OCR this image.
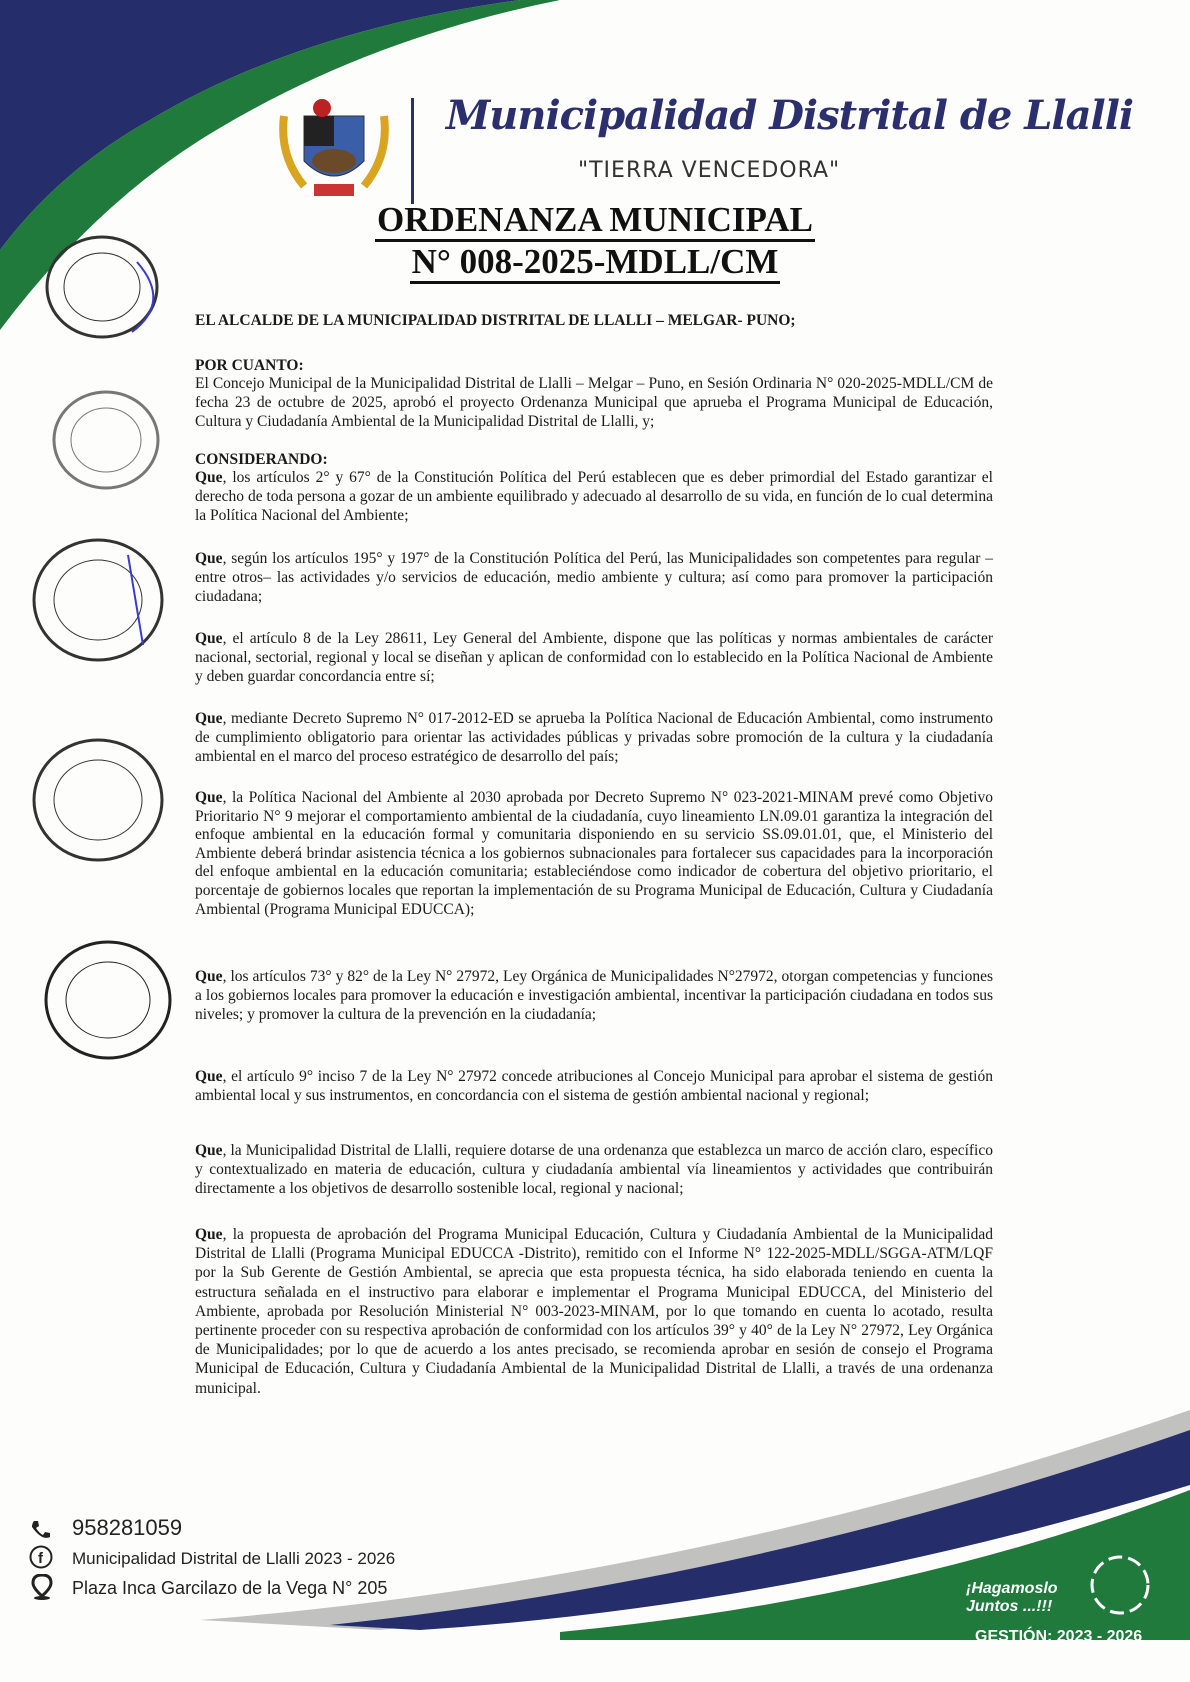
Municipalidad Distrital de Llalli
"TIERRA VENCEDORA"
ORDENANZA MUNICIPAL
N° 008-2025-MDLL/CM
EL ALCALDE DE LA MUNICIPALIDAD DISTRITAL DE LLALLI – MELGAR- PUNO;
POR CUANTO:
El Concejo Municipal de la Municipalidad Distrital de Llalli – Melgar – Puno, en Sesión Ordinaria N° 020-2025-MDLL/CM de fecha 23 de octubre de 2025, aprobó el proyecto Ordenanza Municipal que aprueba el Programa Municipal de Educación, Cultura y Ciudadanía Ambiental de la Municipalidad Distrital de Llalli, y;
CONSIDERANDO:
Que, los artículos 2° y 67° de la Constitución Política del Perú establecen que es deber primordial del Estado garantizar el derecho de toda persona a gozar de un ambiente equilibrado y adecuado al desarrollo de su vida, en función de lo cual determina la Política Nacional del Ambiente;
Que, según los artículos 195° y 197° de la Constitución Política del Perú, las Municipalidades son competentes para regular –entre otros– las actividades y/o servicios de educación, medio ambiente y cultura; así como para promover la participación ciudadana;
Que, el artículo 8 de la Ley 28611, Ley General del Ambiente, dispone que las políticas y normas ambientales de carácter nacional, sectorial, regional y local se diseñan y aplican de conformidad con lo establecido en la Política Nacional de Ambiente y deben guardar concordancia entre sí;
Que, mediante Decreto Supremo N° 017-2012-ED se aprueba la Política Nacional de Educación Ambiental, como instrumento de cumplimiento obligatorio para orientar las actividades públicas y privadas sobre promoción de la cultura y la ciudadanía ambiental en el marco del proceso estratégico de desarrollo del país;
Que, la Política Nacional del Ambiente al 2030 aprobada por Decreto Supremo N° 023-2021-MINAM prevé como Objetivo Prioritario N° 9 mejorar el comportamiento ambiental de la ciudadanía, cuyo lineamiento LN.09.01 garantiza la integración del enfoque ambiental en la educación formal y comunitaria disponiendo en su servicio SS.09.01.01, que, el Ministerio del Ambiente deberá brindar asistencia técnica a los gobiernos subnacionales para fortalecer sus capacidades para la incorporación del enfoque ambiental en la educación comunitaria; estableciéndose como indicador de cobertura del objetivo prioritario, el porcentaje de gobiernos locales que reportan la implementación de su Programa Municipal de Educación, Cultura y Ciudadanía Ambiental (Programa Municipal EDUCCA);
Que, los artículos 73° y 82° de la Ley N° 27972, Ley Orgánica de Municipalidades N°27972, otorgan competencias y funciones a los gobiernos locales para promover la educación e investigación ambiental, incentivar la participación ciudadana en todos sus niveles; y promover la cultura de la prevención en la ciudadanía;
Que, el artículo 9° inciso 7 de la Ley N° 27972 concede atribuciones al Concejo Municipal para aprobar el sistema de gestión ambiental local y sus instrumentos, en concordancia con el sistema de gestión ambiental nacional y regional;
Que, la Municipalidad Distrital de Llalli, requiere dotarse de una ordenanza que establezca un marco de acción claro, específico y contextualizado en materia de educación, cultura y ciudadanía ambiental vía lineamientos y actividades que contribuirán directamente a los objetivos de desarrollo sostenible local, regional y nacional;
Que, la propuesta de aprobación del Programa Municipal Educación, Cultura y Ciudadanía Ambiental de la Municipalidad Distrital de Llalli (Programa Municipal EDUCCA -Distrito), remitido con el Informe N° 122-2025-MDLL/SGGA-ATM/LQF por la Sub Gerente de Gestión Ambiental, se aprecia que esta propuesta técnica, ha sido elaborada teniendo en cuenta la estructura señalada en el instructivo para elaborar e implementar el Programa Municipal EDUCCA, del Ministerio del Ambiente, aprobada por Resolución Ministerial N° 003-2023-MINAM, por lo que tomando en cuenta lo acotado, resulta pertinente proceder con su respectiva aprobación de conformidad con los artículos 39° y 40° de la Ley N° 27972, Ley Orgánica de Municipalidades; por lo que de acuerdo a los antes precisado, se recomienda aprobar en sesión de consejo el Programa Municipal de Educación, Cultura y Ciudadanía Ambiental de la Municipalidad Distrital de Llalli, a través de una ordenanza municipal.
958281059
f Municipalidad Distrital de Llalli 2023 - 2026
Plaza Inca Garcilazo de la Vega N° 205	¡Hagamoslo
Juntos ...!!!
GESTIÓN: 2023 - 2026
